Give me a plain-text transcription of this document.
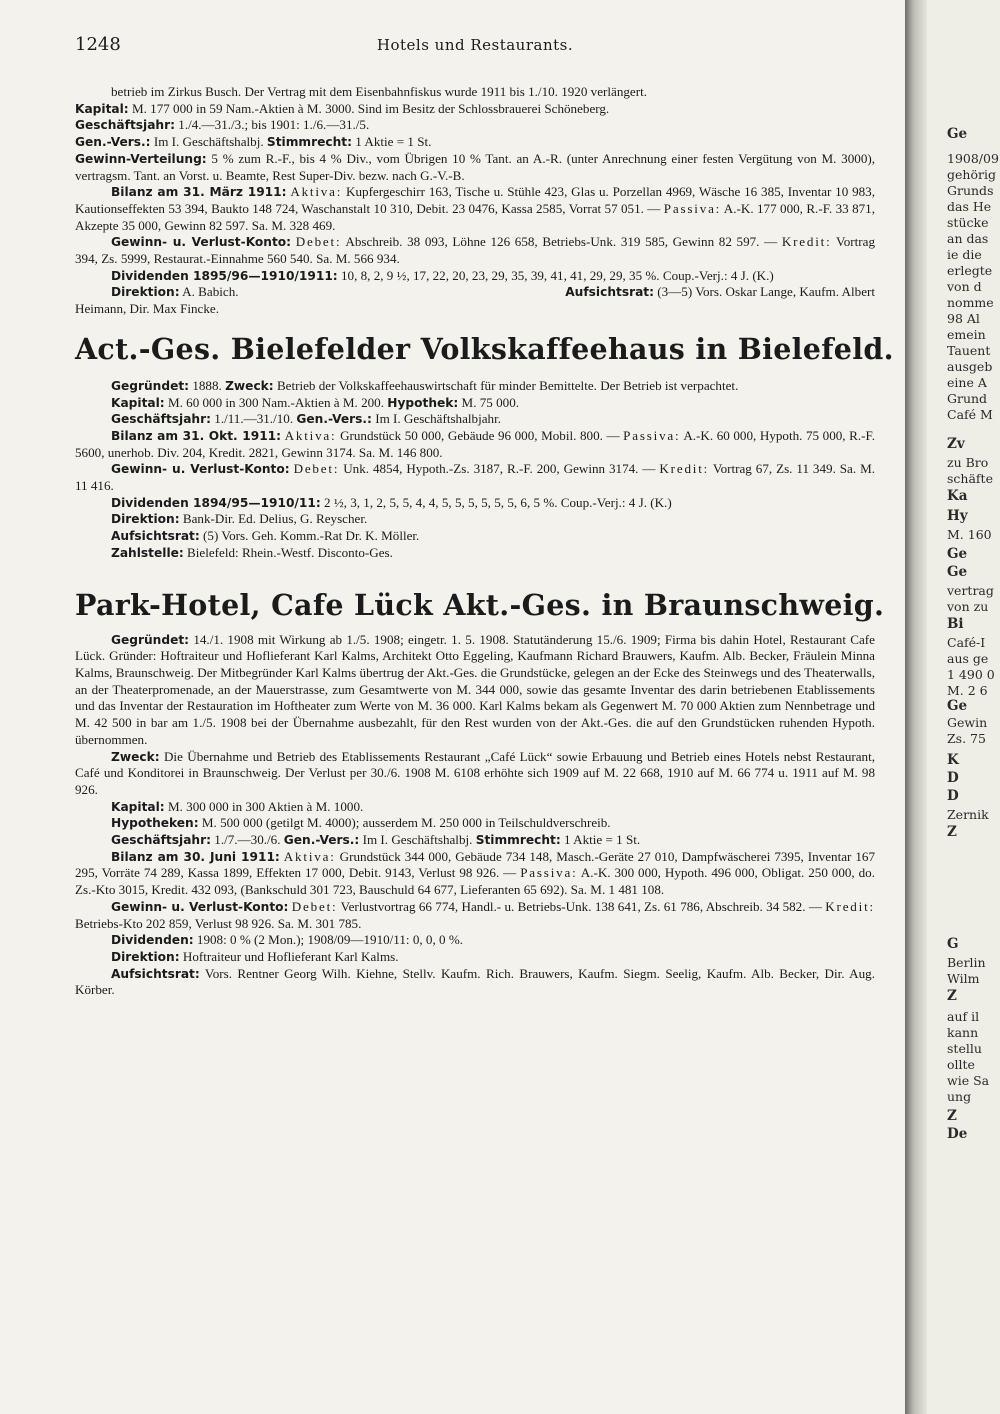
1248	Hotels und Restaurants.

betrieb im Zirkus Busch. Der Vertrag mit dem Eisenbahnfiskus wurde 1911 bis 1./10. 1920 verlängert.

Kapital: M. 177 000 in 59 Nam.-Aktien à M. 3000. Sind im Besitz der Schlossbrauerei Schöneberg.

Geschäftsjahr: 1./4.—31./3.; bis 1901: 1./6.—31./5.

Gen.-Vers.: Im I. Geschäftshalbj. Stimmrecht: 1 Aktie = 1 St.

Gewinn-Verteilung: 5 % zum R.-F., bis 4 % Div., vom Übrigen 10 % Tant. an A.-R. (unter Anrechnung einer festen Vergütung von M. 3000), vertragsm. Tant. an Vorst. u. Beamte, Rest Super-Div. bezw. nach G.-V.-B.

Bilanz am 31. März 1911: Aktiva: Kupfergeschirr 163, Tische u. Stühle 423, Glas u. Porzellan 4969, Wäsche 16 385, Inventar 10 983, Kautionseffekten 53 394, Baukto 148 724, Waschanstalt 10 310, Debit. 23 0476, Kassa 2585, Vorrat 57 051. — Passiva: A.-K. 177 000, R.-F. 33 871, Akzepte 35 000, Gewinn 82 597. Sa. M. 328 469.

Gewinn- u. Verlust-Konto: Debet: Abschreib. 38 093, Löhne 126 658, Betriebs-Unk. 319 585, Gewinn 82 597. — Kredit: Vortrag 394, Zs. 5999, Restaurat.-Einnahme 560 540. Sa. M. 566 934.

Dividenden 1895/96—1910/1911: 10, 8, 2, 9 ½, 17, 22, 20, 23, 29, 35, 39, 41, 41, 29, 29, 35 %. Coup.-Verj.: 4 J. (K.)

Direktion: A. Babich.	Aufsichtsrat: (3—5) Vors. Oskar Lange, Kaufm. Albert

Heimann, Dir. Max Fincke.

Act.-Ges. Bielefelder Volkskaffeehaus in Bielefeld.

Gegründet: 1888. Zweck: Betrieb der Volkskaffeehauswirtschaft für minder Bemittelte. Der Betrieb ist verpachtet.

Kapital: M. 60 000 in 300 Nam.-Aktien à M. 200. Hypothek: M. 75 000.

Geschäftsjahr: 1./11.—31./10. Gen.-Vers.: Im I. Geschäftshalbjahr.

Bilanz am 31. Okt. 1911: Aktiva: Grundstück 50 000, Gebäude 96 000, Mobil. 800. — Passiva: A.-K. 60 000, Hypoth. 75 000, R.-F. 5600, unerhob. Div. 204, Kredit. 2821, Gewinn 3174. Sa. M. 146 800.

Gewinn- u. Verlust-Konto: Debet: Unk. 4854, Hypoth.-Zs. 3187, R.-F. 200, Gewinn 3174. — Kredit: Vortrag 67, Zs. 11 349. Sa. M. 11 416.

Dividenden 1894/95—1910/11: 2 ½, 3, 1, 2, 5, 5, 4, 4, 5, 5, 5, 5, 5, 5, 6, 5 %. Coup.-Verj.: 4 J. (K.)

Direktion: Bank-Dir. Ed. Delius, G. Reyscher.

Aufsichtsrat: (5) Vors. Geh. Komm.-Rat Dr. K. Möller.

Zahlstelle: Bielefeld: Rhein.-Westf. Disconto-Ges.

Park-Hotel, Cafe Lück Akt.-Ges. in Braunschweig.

Gegründet: 14./1. 1908 mit Wirkung ab 1./5. 1908; eingetr. 1. 5. 1908. Statutänderung 15./6. 1909; Firma bis dahin Hotel, Restaurant Cafe Lück. Gründer: Hoftraiteur und Hoflieferant Karl Kalms, Architekt Otto Eggeling, Kaufmann Richard Brauwers, Kaufm. Alb. Becker, Fräulein Minna Kalms, Braunschweig. Der Mitbegründer Karl Kalms übertrug der Akt.-Ges. die Grundstücke, gelegen an der Ecke des Steinwegs und des Theaterwalls, an der Theaterpromenade, an der Mauerstrasse, zum Gesamtwerte von M. 344 000, sowie das gesamte Inventar des darin betriebenen Etablissements und das Inventar der Restauration im Hoftheater zum Werte von M. 36 000. Karl Kalms bekam als Gegenwert M. 70 000 Aktien zum Nennbetrage und M. 42 500 in bar am 1./5. 1908 bei der Übernahme ausbezahlt, für den Rest wurden von der Akt.-Ges. die auf den Grundstücken ruhenden Hypoth. übernommen.

Zweck: Die Übernahme und Betrieb des Etablissements Restaurant „Café Lück“ sowie Erbauung und Betrieb eines Hotels nebst Restaurant, Café und Konditorei in Braunschweig. Der Verlust per 30./6. 1908 M. 6108 erhöhte sich 1909 auf M. 22 668, 1910 auf M. 66 774 u. 1911 auf M. 98 926.

Kapital: M. 300 000 in 300 Aktien à M. 1000.

Hypotheken: M. 500 000 (getilgt M. 4000); ausserdem M. 250 000 in Teilschuldverschreib.

Geschäftsjahr: 1./7.—30./6. Gen.-Vers.: Im I. Geschäftshalbj. Stimmrecht: 1 Aktie = 1 St.

Bilanz am 30. Juni 1911: Aktiva: Grundstück 344 000, Gebäude 734 148, Masch.-Geräte 27 010, Dampfwäscherei 7395, Inventar 167 295, Vorräte 74 289, Kassa 1899, Effekten 17 000, Debit. 9143, Verlust 98 926. — Passiva: A.-K. 300 000, Hypoth. 496 000, Obligat. 250 000, do. Zs.-Kto 3015, Kredit. 432 093, (Bankschuld 301 723, Bauschuld 64 677, Lieferanten 65 692). Sa. M. 1 481 108.

Gewinn- u. Verlust-Konto: Debet: Verlustvortrag 66 774, Handl.- u. Betriebs-Unk. 138 641, Zs. 61 786, Abschreib. 34 582. — Kredit: Betriebs-Kto 202 859, Verlust 98 926. Sa. M. 301 785.

Dividenden: 1908: 0 % (2 Mon.); 1908/09—1910/11: 0, 0, 0 %.

Direktion: Hoftraiteur und Hoflieferant Karl Kalms.

Aufsichtsrat: Vors. Rentner Georg Wilh. Kiehne, Stellv. Kaufm. Rich. Brauwers, Kaufm. Siegm. Seelig, Kaufm. Alb. Becker, Dir. Aug. Körber.

Ge
1908/09
gehörig
Grunds
das He
stücke
an das
ie die
erlegte
von d
nomme
98 Al
emein
Tauent
ausgeb
eine A
Grund
Café M
Zv
zu Bro
schäfte
Ka
Hy
M. 160
Ge
Ge
vertrag
von zu
Bi
Café-I
aus ge
1 490 0
M. 2 6
Ge
Gewin
Zs. 75
K
D
D
Zernik
Z
G
Berlin
Wilm
Z
auf il
kann
stellu
ollte
wie Sa
ung
Z
De
